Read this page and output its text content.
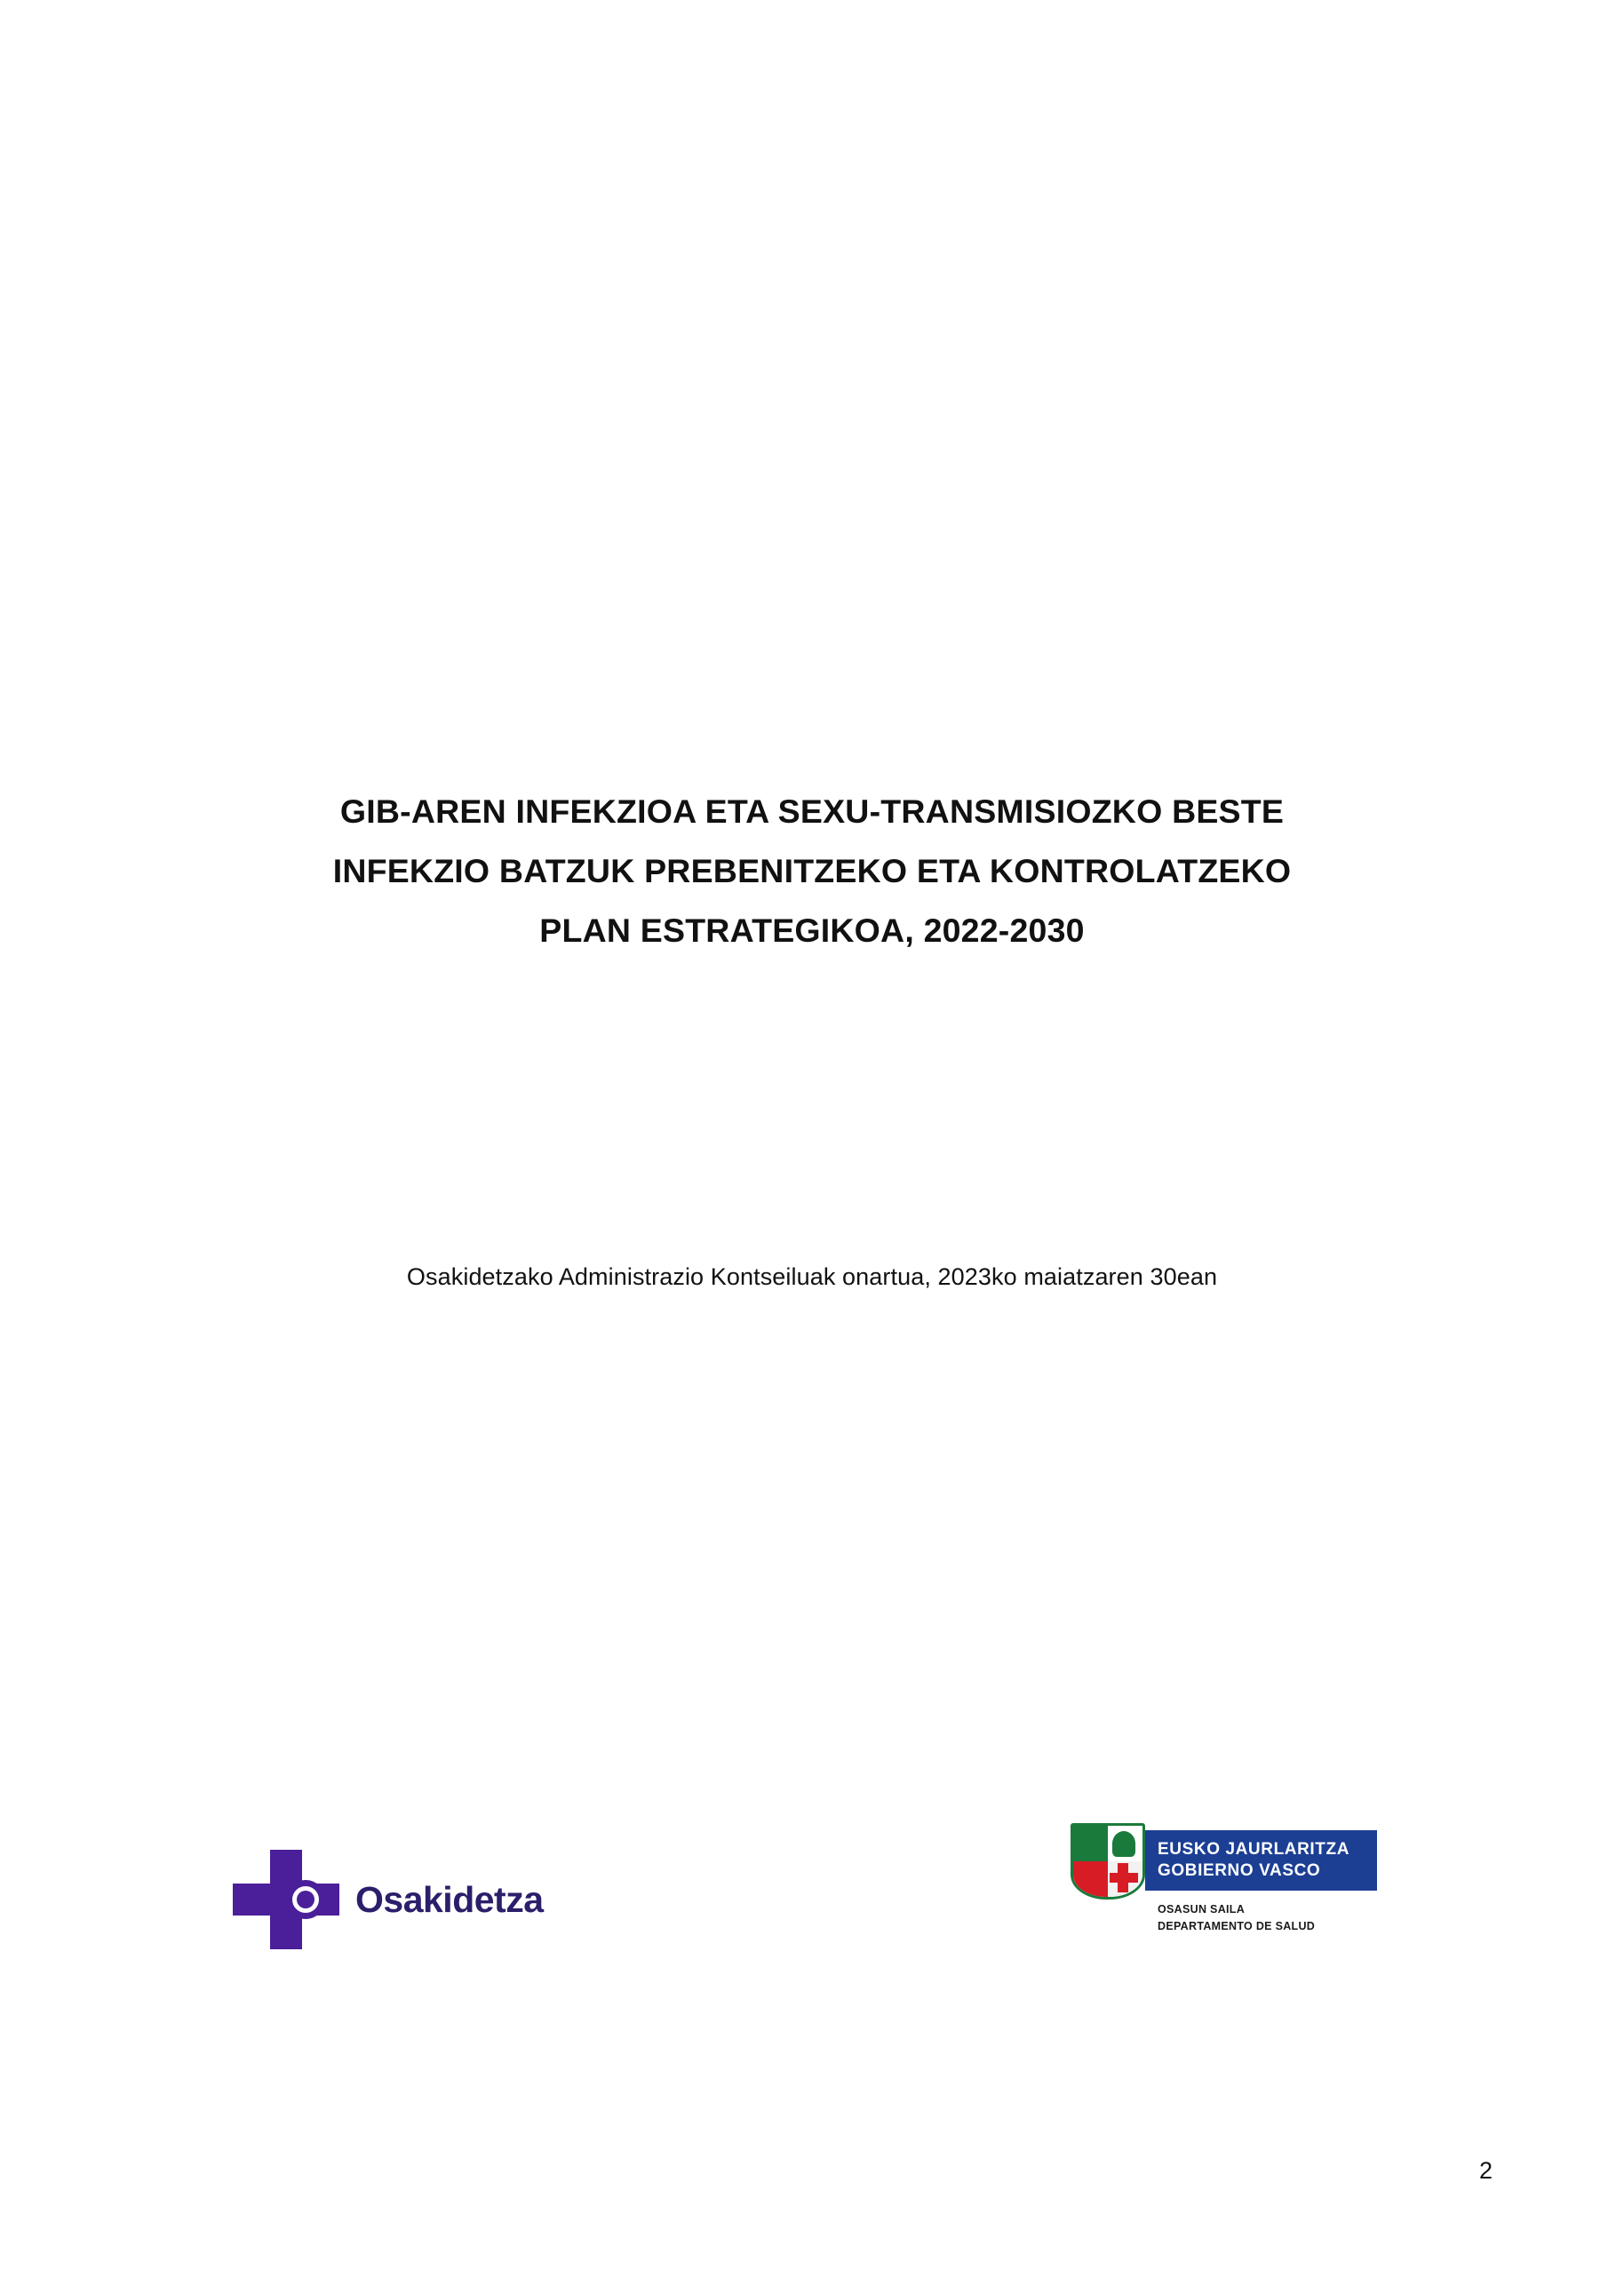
GIB-AREN INFEKZIOA ETA SEXU-TRANSMISIOZKO BESTE
INFEKZIO BATZUK PREBENITZEKO ETA KONTROLATZEKO
PLAN ESTRATEGIKOA, 2022-2030
Osakidetzako Administrazio Kontseiluak onartua, 2023ko maiatzaren 30ean
Osakidetza
EUSKO JAURLARITZA
GOBIERNO VASCO
OSASUN SAILA
DEPARTAMENTO DE SALUD
2
